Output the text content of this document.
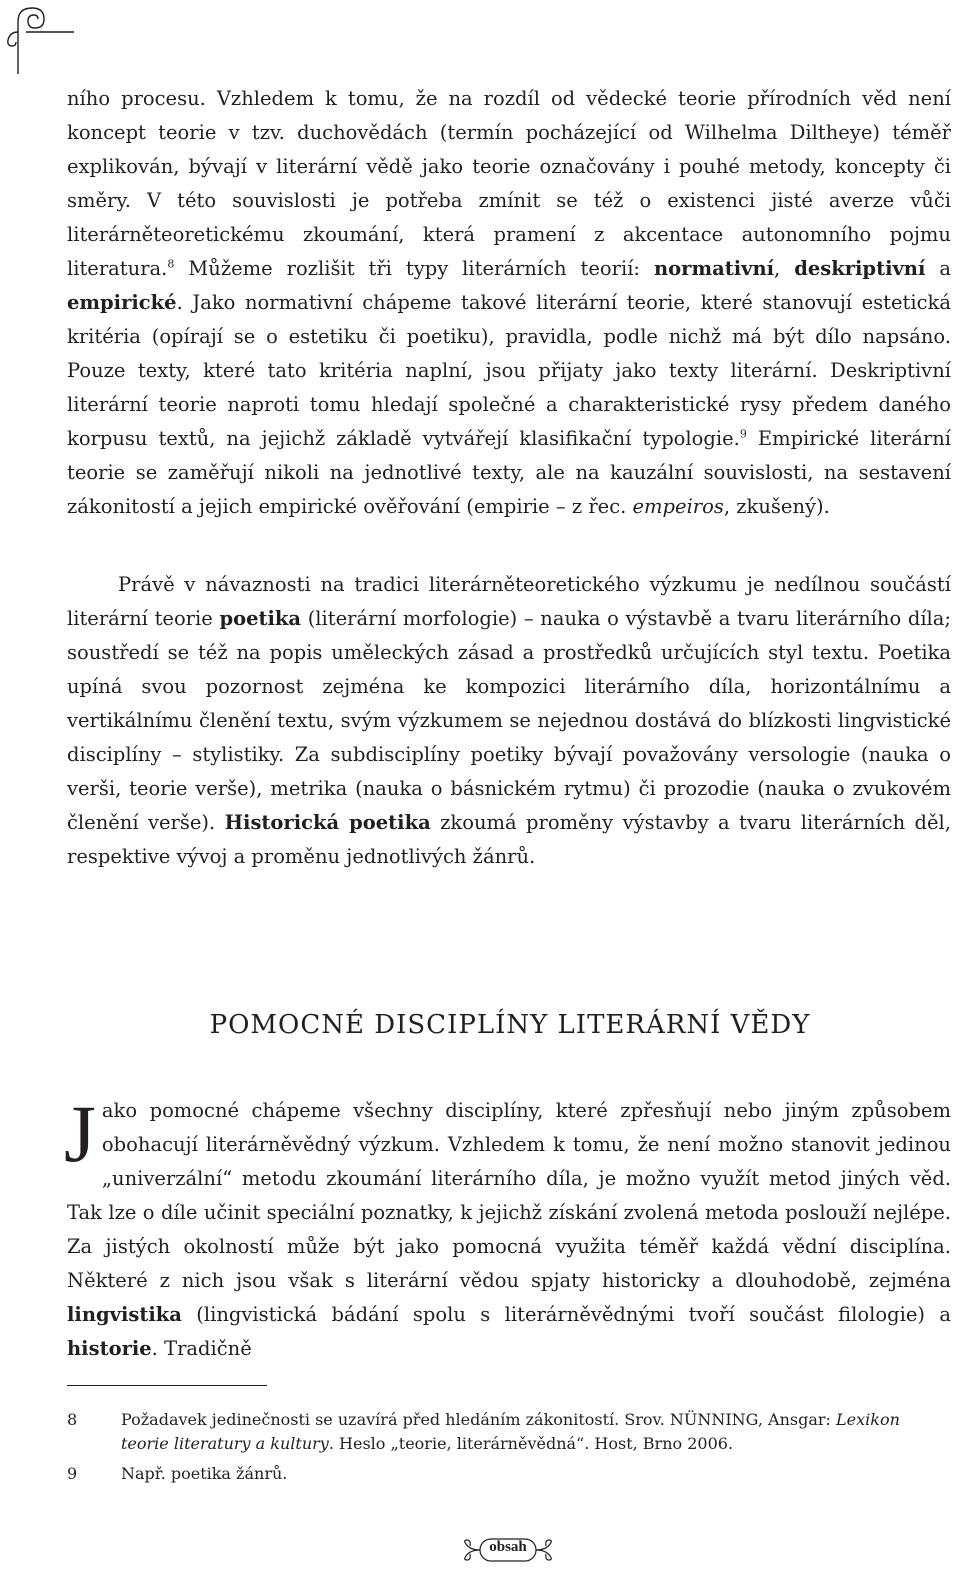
ního procesu. Vzhledem k tomu, že na rozdíl od vědecké teorie přírodních věd není koncept teorie v tzv. duchovědách (termín pocházející od Wilhelma Diltheye) téměř explikován, bývají v literární vědě jako teorie označovány i pouhé metody, koncepty či směry. V této souvislosti je potřeba zmínit se též o existenci jisté averze vůči literárněteoretickému zkoumání, která pramení z akcentace autonomního pojmu literatura.$^8$ Můžeme rozlišit tři typy literárních teorií: normativní, deskriptivní a empirické. Jako normativní chápeme takové literární teorie, které stanovují estetická kritéria (opírají se o estetiku či poetiku), pravidla, podle nichž má být dílo napsáno. Pouze texty, které tato kritéria naplní, jsou přijaty jako texty literární. Deskriptivní literární teorie naproti tomu hledají společné a charakteristické rysy předem daného korpusu textů, na jejichž základě vytvářejí klasifikační typologie.$^9$ Empirické literární teorie se zaměřují nikoli na jednotlivé texty, ale na kauzální souvislosti, na sestavení zákonitostí a jejich empirické ověřování (empirie – z řec. empeiros, zkušený).
Právě v návaznosti na tradici literárněteoretického výzkumu je nedílnou součástí literární teorie poetika (literární morfologie) – nauka o výstavbě a tvaru literárního díla; soustředí se též na popis uměleckých zásad a prostředků určujících styl textu. Poetika upíná svou pozornost zejména ke kompozici literárního díla, horizontálnímu a vertikálnímu členění textu, svým výzkumem se nejednou dostává do blízkosti lingvistické disciplíny – stylistiky. Za subdisciplíny poetiky bývají považovány versologie (nauka o verši, teorie verše), metrika (nauka o básnickém rytmu) či prozodie (nauka o zvukovém členění verše). Historická poetika zkoumá proměny výstavby a tvaru literárních děl, respektive vývoj a proměnu jednotlivých žánrů.
POMOCNÉ DISCIPLÍNY LITERÁRNÍ VĚDY
Jako pomocné chápeme všechny disciplíny, které zpřesňují nebo jiným způsobem obohacují literárněvědný výzkum. Vzhledem k tomu, že není možno stanovit jedinou „univerzální“ metodu zkoumání literárního díla, je možno využít metod jiných věd. Tak lze o díle učinit speciální poznatky, k jejichž získání zvolená metoda poslouží nejlépe. Za jistých okolností může být jako pomocná využita téměř každá vědní disciplína. Některé z nich jsou však s literární vědou spjaty historicky a dlouhodobě, zejména lingvistika (lingvistická bádání spolu s literárněvědnými tvoří součást filologie) a historie. Tradičně
8	Požadavek jedinečnosti se uzavírá před hledáním zákonitostí. Srov. NÜNNING, Ansgar: Lexikon teorie literatury a kultury. Heslo „teorie, literárněvědná“. Host, Brno 2006.
9	Např. poetika žánrů.
obsah
